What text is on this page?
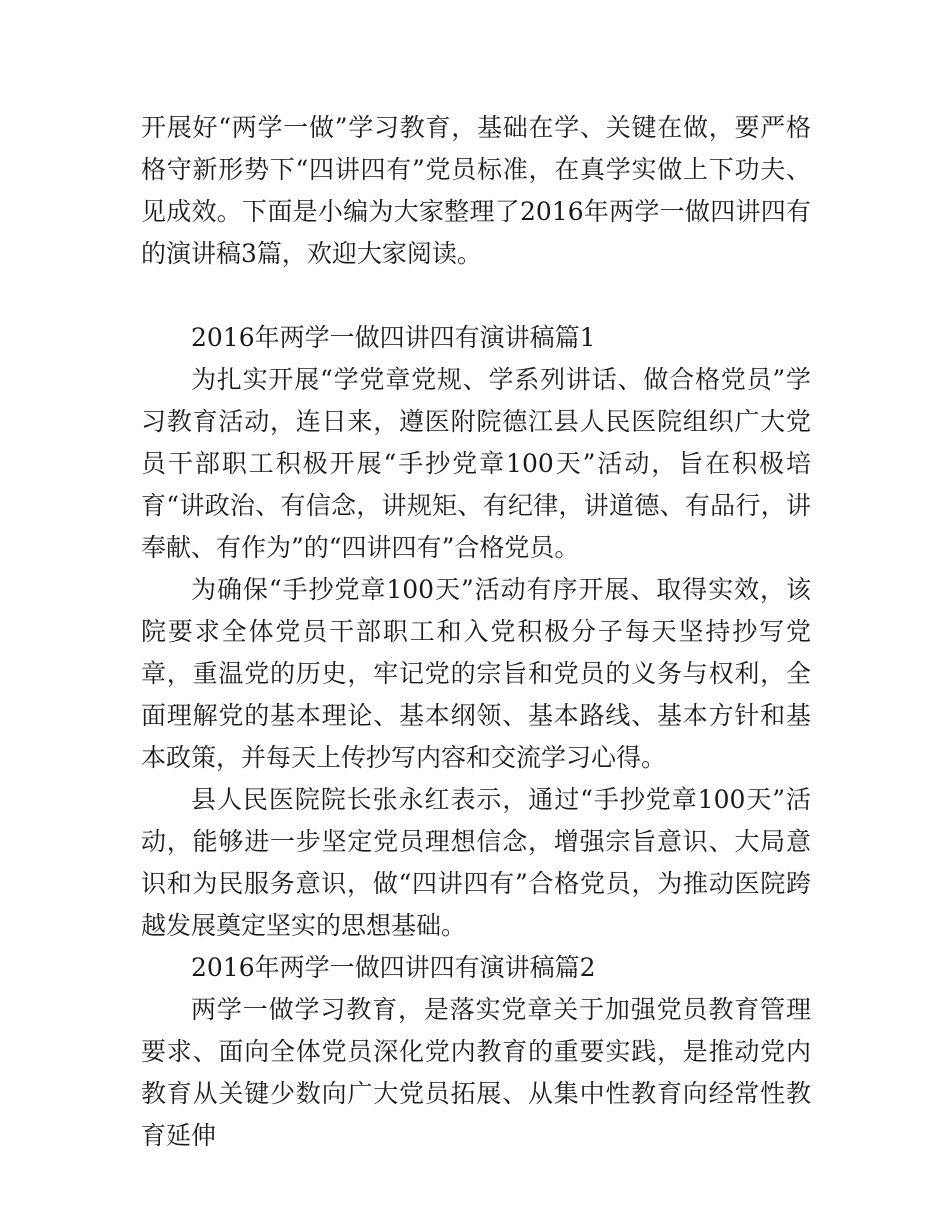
开展好“两学一做”学习教育，基础在学、关键在做，要严格格守新形势下“四讲四有”党员标准，在真学实做上下功夫、见成效。下面是小编为大家整理了2016年两学一做四讲四有的演讲稿3篇，欢迎大家阅读。

2016年两学一做四讲四有演讲稿篇1

为扎实开展“学党章党规、学系列讲话、做合格党员”学习教育活动，连日来，遵医附院德江县人民医院组织广大党员干部职工积极开展“手抄党章100天”活动，旨在积极培育“讲政治、有信念，讲规矩、有纪律，讲道德、有品行，讲奉献、有作为”的“四讲四有”合格党员。

为确保“手抄党章100天”活动有序开展、取得实效，该院要求全体党员干部职工和入党积极分子每天坚持抄写党章，重温党的历史，牢记党的宗旨和党员的义务与权利，全面理解党的基本理论、基本纲领、基本路线、基本方针和基本政策，并每天上传抄写内容和交流学习心得。

县人民医院院长张永红表示，通过“手抄党章100天”活动，能够进一步坚定党员理想信念，增强宗旨意识、大局意识和为民服务意识，做“四讲四有”合格党员，为推动医院跨越发展奠定坚实的思想基础。

2016年两学一做四讲四有演讲稿篇2

两学一做学习教育，是落实党章关于加强党员教育管理要求、面向全体党员深化党内教育的重要实践，是推动党内教育从关键少数向广大党员拓展、从集中性教育向经常性教育延伸
